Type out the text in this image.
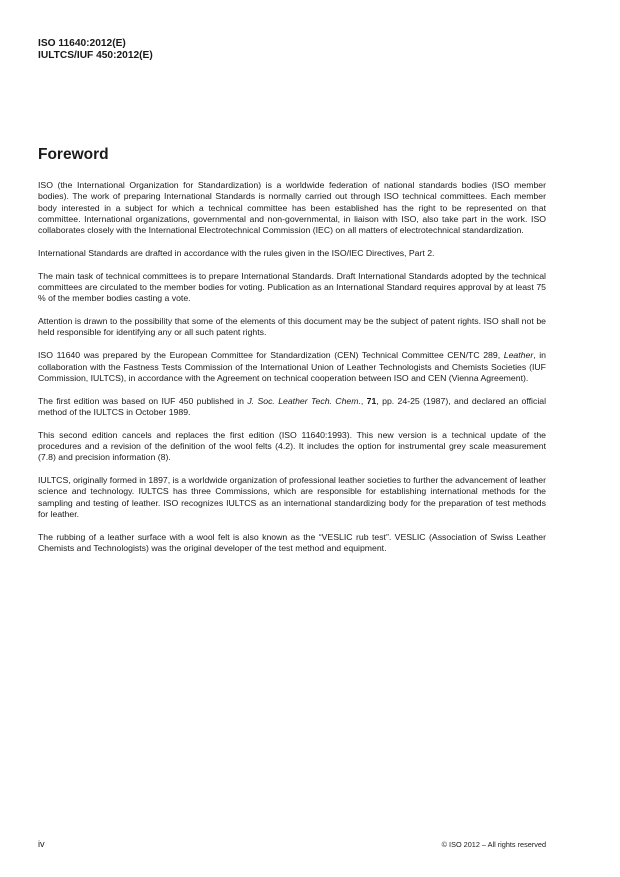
ISO 11640:2012(E)
IULTCS/IUF 450:2012(E)
Foreword

ISO (the International Organization for Standardization) is a worldwide federation of national standards bodies (ISO member bodies). The work of preparing International Standards is normally carried out through ISO technical committees. Each member body interested in a subject for which a technical committee has been established has the right to be represented on that committee. International organizations, governmental and non-governmental, in liaison with ISO, also take part in the work. ISO collaborates closely with the International Electrotechnical Commission (IEC) on all matters of electrotechnical standardization.

International Standards are drafted in accordance with the rules given in the ISO/IEC Directives, Part 2.

The main task of technical committees is to prepare International Standards. Draft International Standards adopted by the technical committees are circulated to the member bodies for voting. Publication as an International Standard requires approval by at least 75 % of the member bodies casting a vote.

Attention is drawn to the possibility that some of the elements of this document may be the subject of patent rights. ISO shall not be held responsible for identifying any or all such patent rights.

ISO 11640 was prepared by the European Committee for Standardization (CEN) Technical Committee CEN/TC 289, Leather, in collaboration with the Fastness Tests Commission of the International Union of Leather Technologists and Chemists Societies (IUF Commission, IULTCS), in accordance with the Agreement on technical cooperation between ISO and CEN (Vienna Agreement).

The first edition was based on IUF 450 published in J. Soc. Leather Tech. Chem., 71, pp. 24-25 (1987), and declared an official method of the IULTCS in October 1989.

This second edition cancels and replaces the first edition (ISO 11640:1993). This new version is a technical update of the procedures and a revision of the definition of the wool felts (4.2). It includes the option for instrumental grey scale measurement (7.8) and precision information (8).

IULTCS, originally formed in 1897, is a worldwide organization of professional leather societies to further the advancement of leather science and technology. IULTCS has three Commissions, which are responsible for establishing international methods for the sampling and testing of leather. ISO recognizes IULTCS as an international standardizing body for the preparation of test methods for leather.

The rubbing of a leather surface with a wool felt is also known as the “VESLIC rub test”. VESLIC (Association of Swiss Leather Chemists and Technologists) was the original developer of the test method and equipment.

iv	© ISO 2012 – All rights reserved
